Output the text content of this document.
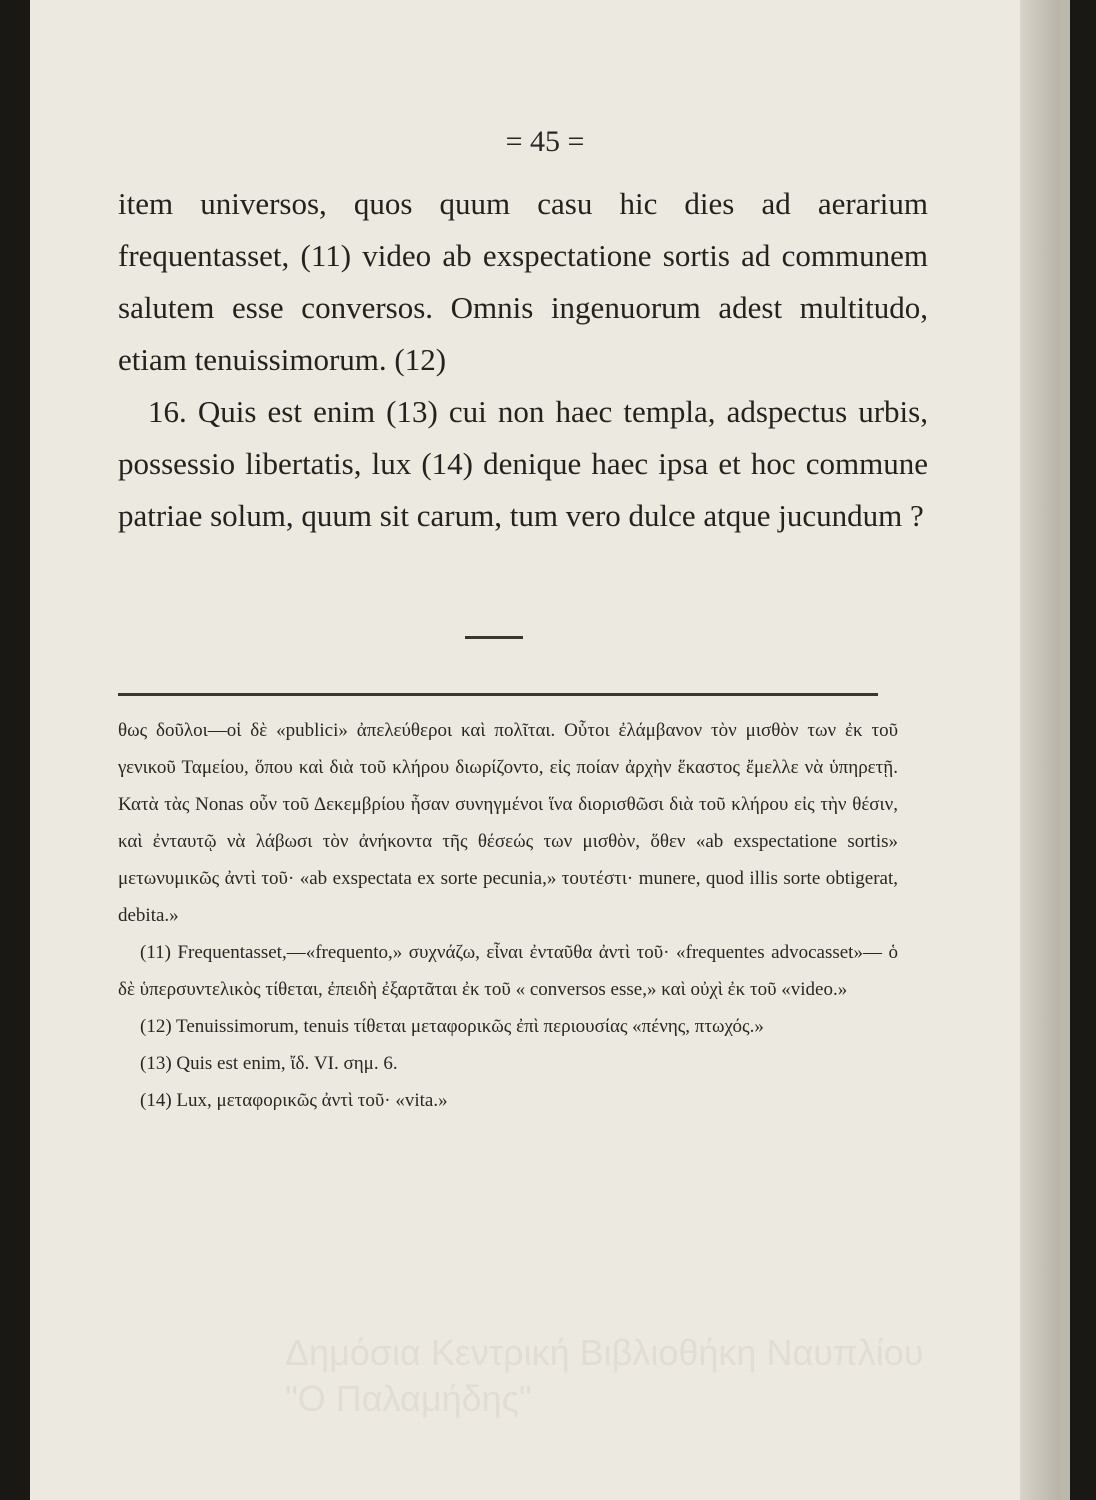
= 45 =

item universos, quos quum casu hic dies ad aerarium frequentasset, (11) video ab exspectatione sortis ad communem salutem esse conversos. Omnis ingenuorum adest multitudo, etiam tenuissimorum. (12)

16. Quis est enim (13) cui non haec templa, adspectus urbis, possessio libertatis, lux (14) denique haec ipsa et hoc commune patriae solum, quum sit carum, tum vero dulce atque jucundum ?

θως δοῦλοι—οἱ δὲ «publici» ἀπελεύθεροι καὶ πολῖται. Οὗτοι ἐλάμβανον τὸν μισθὸν των ἐκ τοῦ γενικοῦ Ταμείου, ὅπου καὶ διὰ τοῦ κλήρου διωρίζοντο, εἰς ποίαν ἀρχὴν ἕκαστος ἔμελλε νὰ ὑπηρετῇ. Κατὰ τὰς Nonas οὖν τοῦ Δεκεμβρίου ἦσαν συνηγμένοι ἵνα διορισθῶσι διὰ τοῦ κλήρου εἰς τὴν θέσιν, καὶ ἐνταυτῷ νὰ λάβωσι τὸν ἀνήκοντα τῆς θέσεώς των μισθὸν, ὅθεν «ab exspectatione sortis» μετωνυμικῶς ἀντὶ τοῦ· «ab exspectata ex sorte pecunia,» τουτέστι· munere, quod illis sorte obtigerat, debita.»

(11) Frequentasset,—«frequento,» συχνάζω, εἶναι ἐνταῦθα ἀντὶ τοῦ· «frequentes advocasset»— ὁ δὲ ὑπερσυντελικὸς τίθεται, ἐπειδὴ ἐξαρτᾶται ἐκ τοῦ « conversos esse,» καὶ οὐχὶ ἐκ τοῦ «video.»

(12) Tenuissimorum, tenuis τίθεται μεταφορικῶς ἐπὶ περιουσίας «πένης, πτωχός.»

(13) Quis est enim, ἴδ. VI. σημ. 6.

(14) Lux, μεταφορικῶς ἀντὶ τοῦ· «vita.»

Δημόσια Κεντρική Βιβλιοθήκη Ναυπλίου
"Ο Παλαμήδης"
